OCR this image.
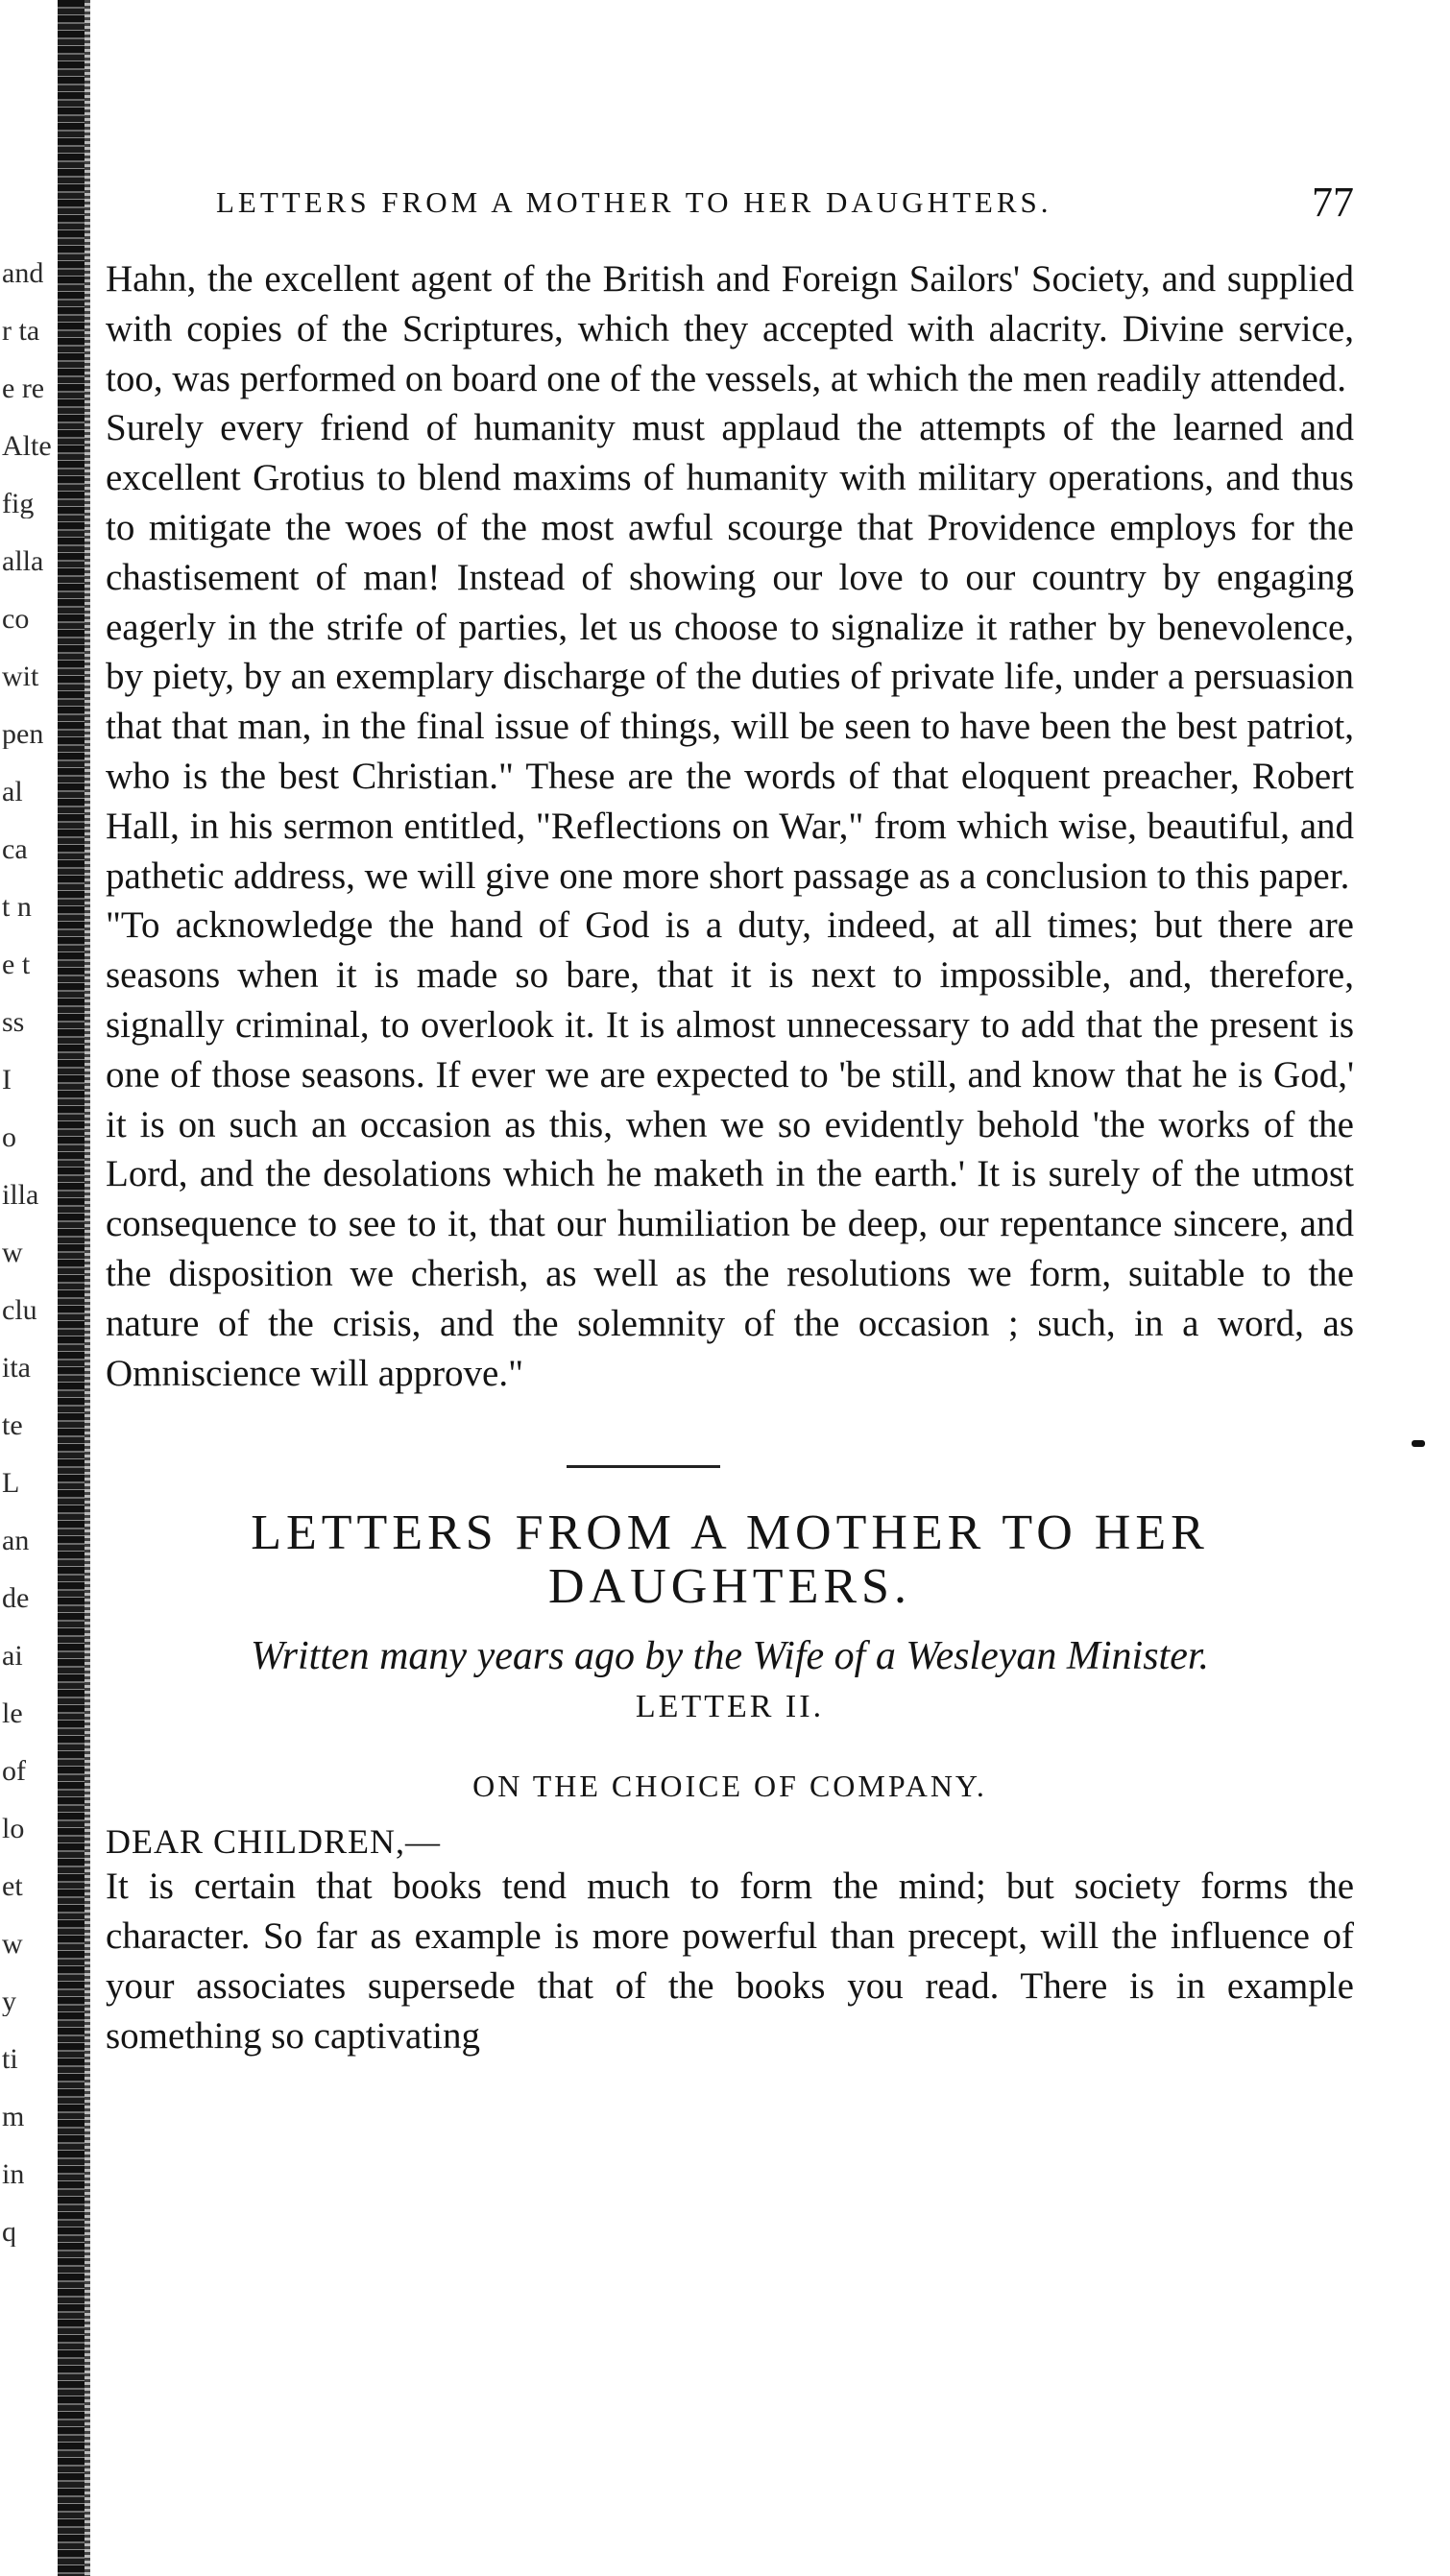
and
r ta
e re
Alte
fig
alla
co
wit
pen
al
ca
t n
e t
ss
I
o
illa
w
clu
ita
te
L
an
de
ai
le
of
lo
et
w
y
ti
m
in
q
LETTERS FROM A MOTHER TO HER DAUGHTERS.	77

Hahn, the excellent agent of the British and Foreign Sailors' Society, and supplied with copies of the Scriptures, which they accepted with alacrity. Divine service, too, was performed on board one of the vessels, at which the men readily attended.

Surely every friend of humanity must applaud the attempts of the learned and excellent Grotius to blend maxims of humanity with military operations, and thus to mitigate the woes of the most awful scourge that Providence employs for the chastisement of man! Instead of showing our love to our country by engaging eagerly in the strife of parties, let us choose to signalize it rather by benevolence, by piety, by an exemplary discharge of the duties of private life, under a persuasion that that man, in the final issue of things, will be seen to have been the best patriot, who is the best Christian." These are the words of that eloquent preacher, Robert Hall, in his sermon entitled, "Reflections on War," from which wise, beautiful, and pathetic address, we will give one more short passage as a conclusion to this paper.

"To acknowledge the hand of God is a duty, indeed, at all times; but there are seasons when it is made so bare, that it is next to impossible, and, therefore, signally criminal, to overlook it. It is almost unnecessary to add that the present is one of those seasons. If ever we are expected to 'be still, and know that he is God,' it is on such an occasion as this, when we so evidently behold 'the works of the Lord, and the desolations which he maketh in the earth.' It is surely of the utmost consequence to see to it, that our humiliation be deep, our repentance sincere, and the disposition we cherish, as well as the resolutions we form, suitable to the nature of the crisis, and the solemnity of the occasion ; such, in a word, as Omniscience will approve."

LETTERS FROM A MOTHER TO HER DAUGHTERS.
Written many years ago by the Wife of a Wesleyan Minister.
LETTER II.
ON THE CHOICE OF COMPANY.
DEAR CHILDREN,—

It is certain that books tend much to form the mind; but society forms the character. So far as example is more powerful than precept, will the influence of your associates supersede that of the books you read. There is in example something so captivating
